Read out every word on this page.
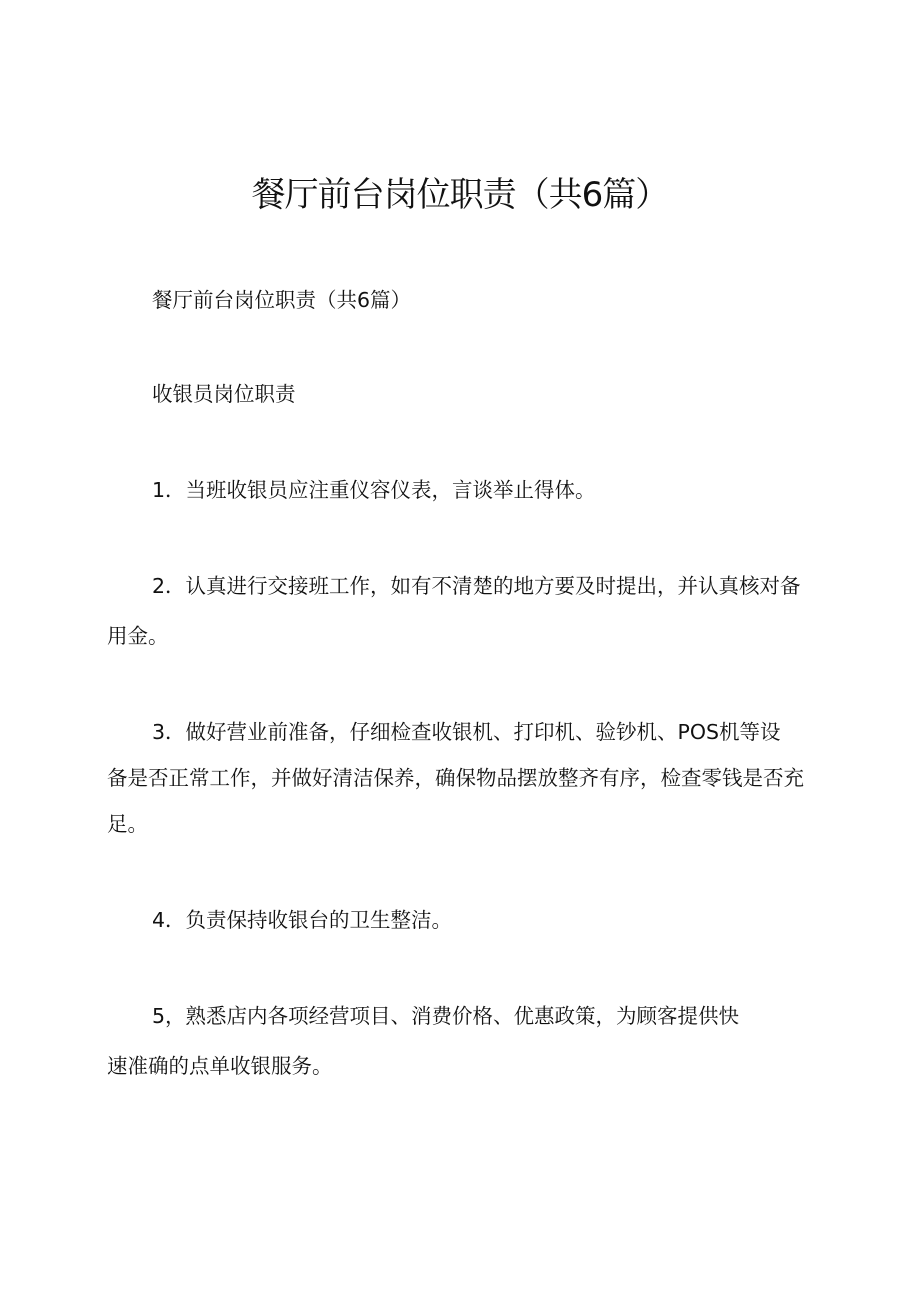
餐厅前台岗位职责（共6篇）

餐厅前台岗位职责（共6篇）

收银员岗位职责

1．当班收银员应注重仪容仪表，言谈举止得体。

2．认真进行交接班工作，如有不清楚的地方要及时提出，并认真核对备

用金。

3．做好营业前准备，仔细检查收银机、打印机、验钞机、POS机等设

备是否正常工作，并做好清洁保养，确保物品摆放整齐有序，检查零钱是否充

足。

4．负责保持收银台的卫生整洁。

5，熟悉店内各项经营项目、消费价格、优惠政策，为顾客提供快

速准确的点单收银服务。
